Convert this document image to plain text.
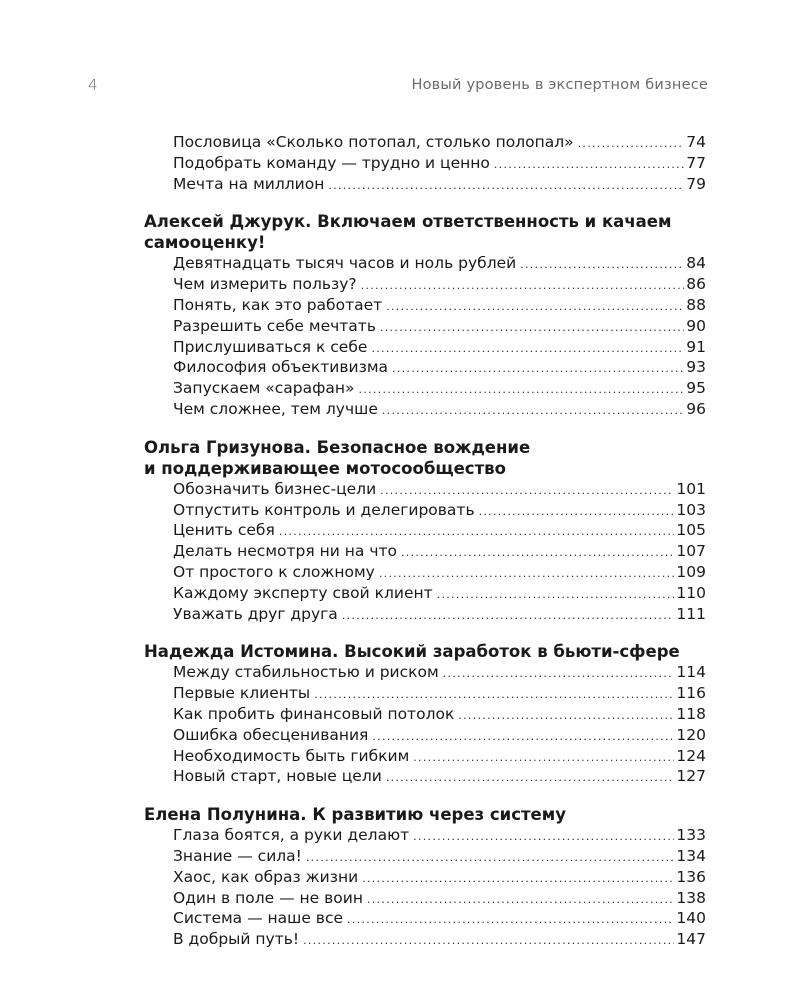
4	Новый уровень в экспертном бизнесе
Пословица «Сколько потопал, столько полопал» .....	74
Подобрать команду — трудно и ценно .....	77
Мечта на миллион .....	79
Алексей Джурук. Включаем ответственность и качаем
самооценку!
Девятнадцать тысяч часов и ноль рублей .....	84
Чем измерить пользу? .....	86
Понять, как это работает .....	88
Разрешить себе мечтать .....	90
Прислушиваться к себе .....	91
Философия объективизма .....	93
Запускаем «сарафан» .....	95
Чем сложнее, тем лучше .....	96
Ольга Гризунова. Безопасное вождение
и поддерживающее мотосообщество
Обозначить бизнес-цели .....	101
Отпустить контроль и делегировать .....	103
Ценить себя .....	105
Делать несмотря ни на что .....	107
От простого к сложному .....	109
Каждому эксперту свой клиент .....	110
Уважать друг друга .....	111
Надежда Истомина. Высокий заработок в бьюти-сфере
Между стабильностью и риском .....	114
Первые клиенты .....	116
Как пробить финансовый потолок .....	118
Ошибка обесценивания .....	120
Необходимость быть гибким .....	124
Новый старт, новые цели .....	127
Елена Полунина. К развитию через систему
Глаза боятся, а руки делают .....	133
Знание — сила! .....	134
Хаос, как образ жизни .....	136
Один в поле — не воин .....	138
Система — наше все .....	140
В добрый путь! .....	147
